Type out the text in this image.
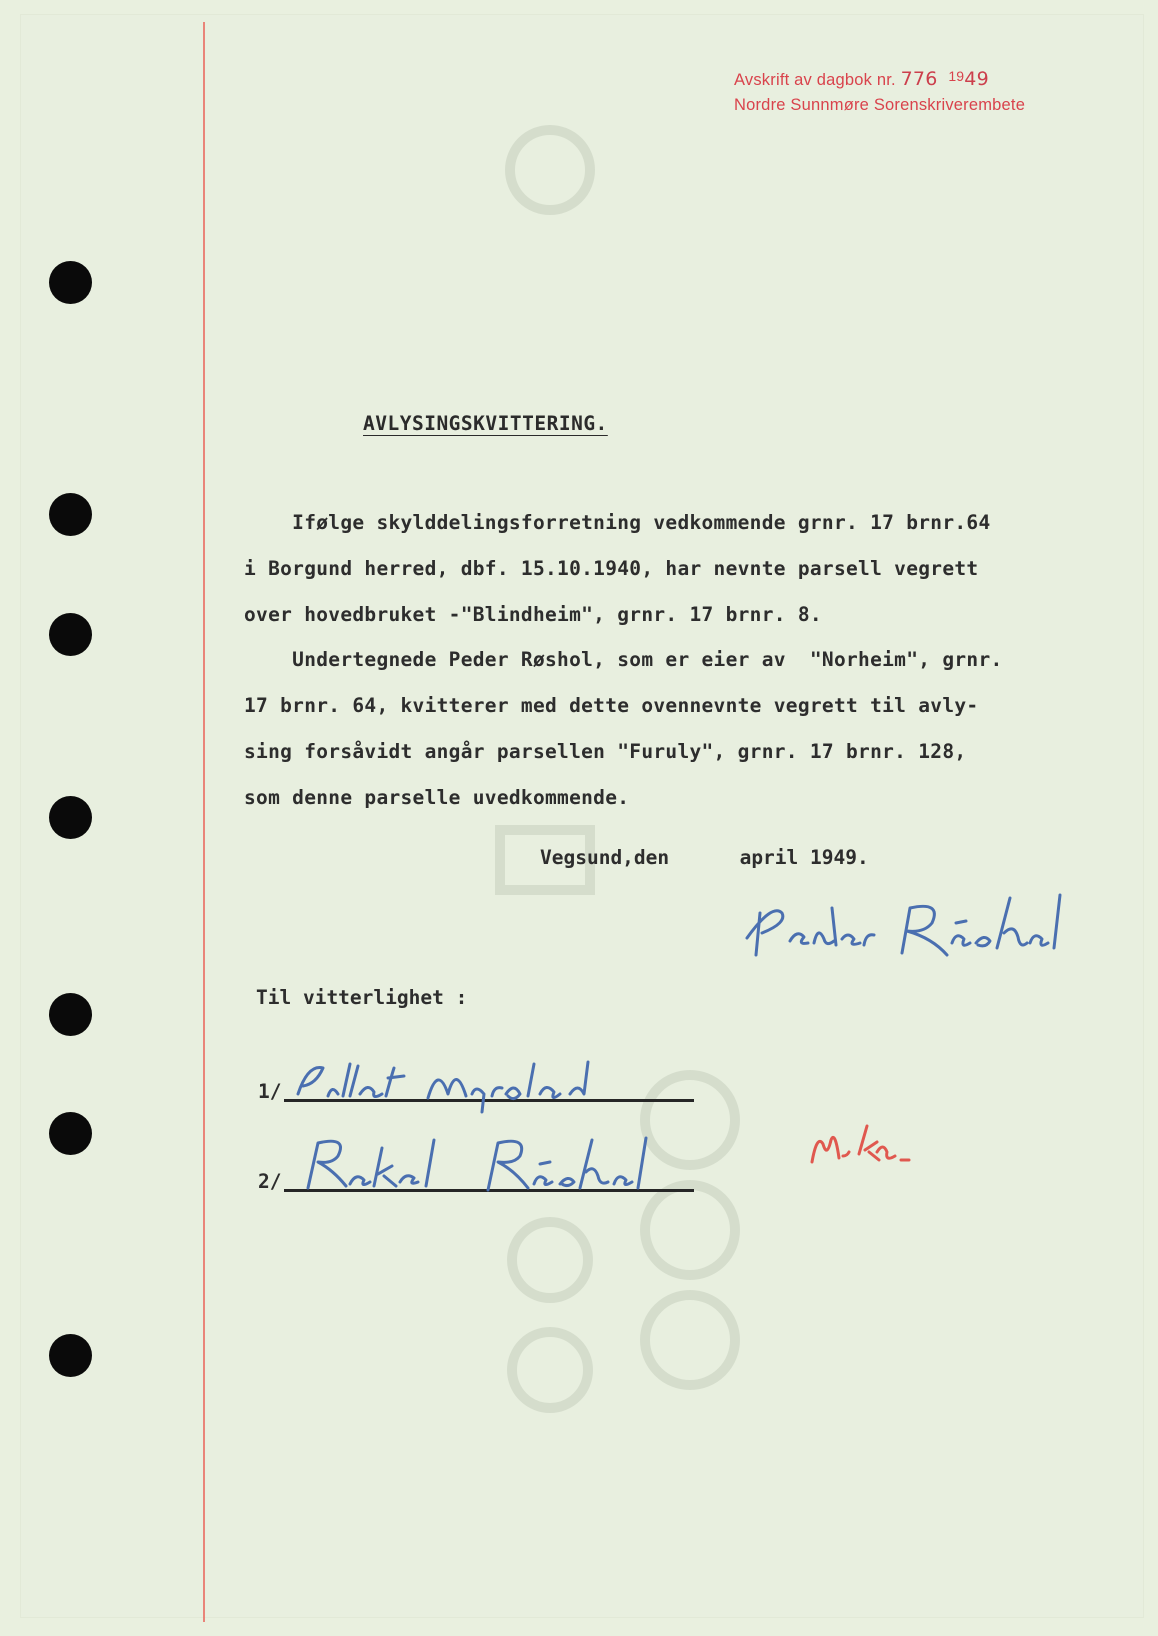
Avskrift av dagbok nr. 776 $^{19}$49
Nordre Sunnmøre Sorenskriverembete
AVLYSINGSKVITTERING.

Ifølge skylddelingsforretning vedkommende grnr. 17 brnr.64

i Borgund herred, dbf. 15.10.1940, har nevnte parsell vegrett

over hovedbruket -"Blindheim", grnr. 17 brnr. 8.

Undertegnede Peder Røshol, som er eier av  "Norheim", grnr.

17 brnr. 64, kvitterer med dette ovennevnte vegrett til avly-

sing forsåvidt angår parsellen "Furuly", grnr. 17 brnr. 128,

som denne parselle uvedkommende.

Vegsund,den      april 1949.
Til vitterlighet :
1/
2/
